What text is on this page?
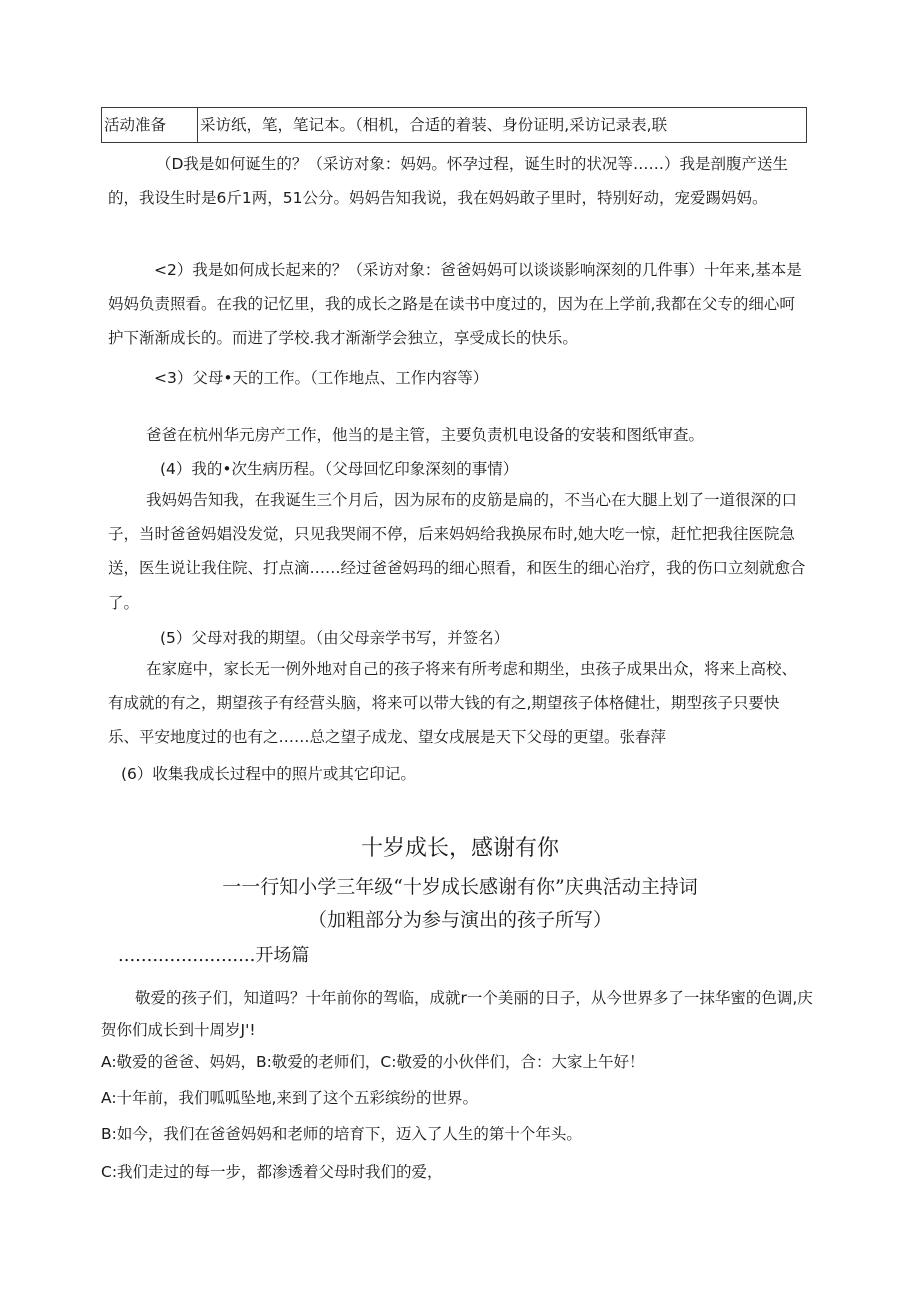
活动准备	采访纸，笔，笔记本。（相机，合适的着装、身份证明,采访记录表,联

（D我是如何诞生的？（采访对象：妈妈。怀孕过程，诞生时的状况等……）我是剖腹产送生的，我设生时是6斤1两，51公分。妈妈告知我说，我在妈妈敢子里时，特别好动，宠爱踢妈妈。

<2）我是如何成长起来的？（采访对象：爸爸妈妈可以谈谈影响深刻的几件事）十年来,基本是妈妈负责照看。在我的记忆里，我的成长之路是在读书中度过的，因为在上学前,我都在父专的细心呵护下渐渐成长的。而进了学校.我才渐渐学会独立，享受成长的快乐。

<3）父母•天的工作。（工作地点、工作内容等）

爸爸在杭州华元房产工作，他当的是主管，主要负责机电设备的安装和图纸审查。

(4）我的•次生病历程。（父母回忆印象深刻的事情）

我妈妈告知我，在我诞生三个月后，因为尿布的皮筋是扁的，不当心在大腿上划了一道很深的口子，当时爸爸妈娼没发觉，只见我哭闹不停，后来妈妈给我换尿布时,她大吃一惊，赶忙把我往医院急送，医生说让我住院、打点滴……经过爸爸妈玛的细心照看，和医生的细心治疗，我的伤口立刻就愈合了。

(5）父母对我的期望。（由父母亲学书写，并签名）

在家庭中，家长无一例外地对自己的孩子将来有所考虑和期坐，虫孩子成果出众，将来上高校、有成就的有之，期望孩子有经营头脑，将来可以带大钱的有之,期望孩子体格健壮，期型孩子只要快乐、平安地度过的也有之……总之望子成龙、望女戌展是天下父母的更望。张春萍

(6）收集我成长过程中的照片或其它印记。

十岁成长，感谢有你

一一行知小学三年级“十岁成长感谢有你”庆典活动主持词

（加粗部分为参与演出的孩子所写）

........................开场篇

敬爱的孩子们，知道吗？十年前你的驾临，成就r一个美丽的日子，从今世界多了一抹华蜜的色调,庆贺你们成长到十周岁J'!

A:敬爱的爸爸、妈妈，B:敬爱的老师们，C:敬爱的小伙伴们，合：大家上午好！

A:十年前，我们呱呱坠地,来到了这个五彩缤纷的世界。

B:如今，我们在爸爸妈妈和老师的培育下，迈入了人生的第十个年头。

C:我们走过的每一步，都渗透着父母时我们的爱，
